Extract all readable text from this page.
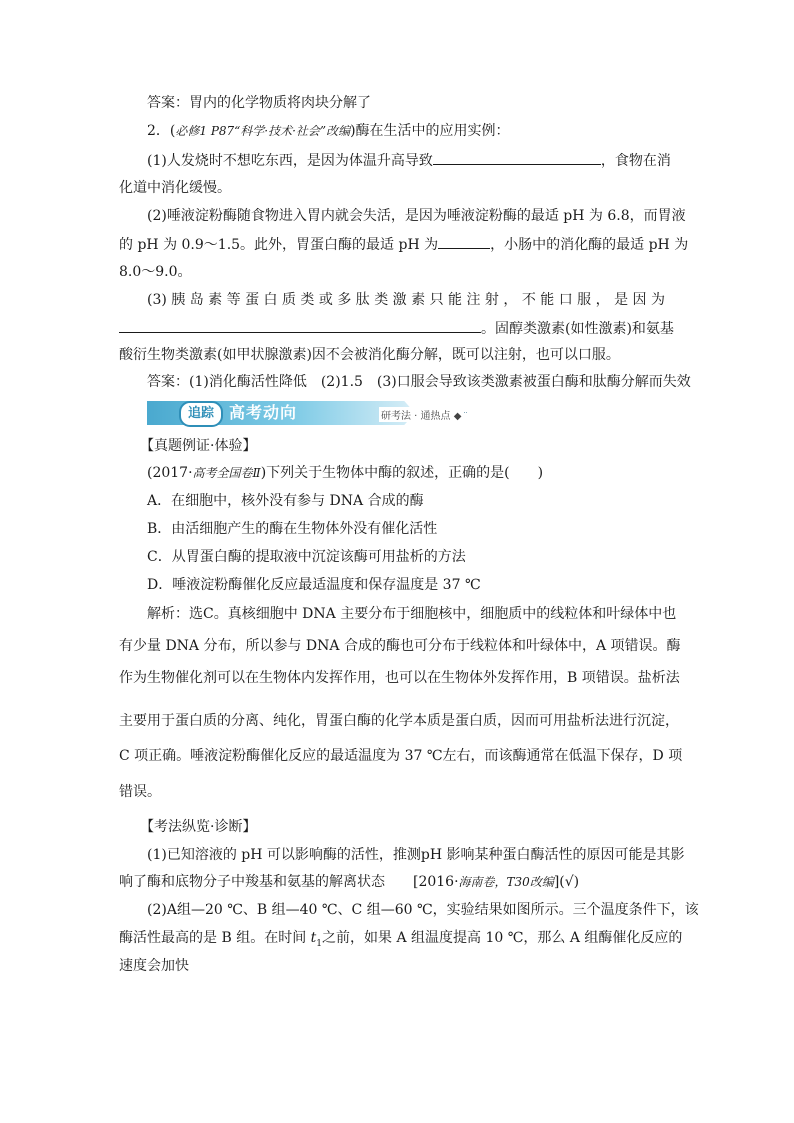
答案：胃内的化学物质将肉块分解了
2．(必修1 P87“科学·技术·社会”改编)酶在生活中的应用实例：
(1)人发烧时不想吃东西，是因为体温升高导致	，食物在消
化道中消化缓慢。
(2)唾液淀粉酶随食物进入胃内就会失活，是因为唾液淀粉酶的最适 pH 为 6.8，而胃液
的 pH 为 0.9～1.5。此外，胃蛋白酶的最适 pH 为	，小肠中的消化酶的最适 pH 为
8.0～9.0。
(3) 胰 岛 素 等 蛋 白 质 类 或 多 肽 类 激 素 只 能 注 射 ， 不 能 口 服 ， 是 因 为
。固醇类激素(如性激素)和氨基
酸衍生物类激素(如甲状腺激素)因不会被消化酶分解，既可以注射，也可以口服。
答案：(1)消化酶活性降低　(2)1.5　(3)口服会导致该类激素被蛋白酶和肽酶分解而失效
追踪 高考动向	研考法 · 通热点 ◆
【真题例证·体验】
(2017·高考全国卷Ⅱ)下列关于生物体中酶的叙述，正确的是(　　)
A．在细胞中，核外没有参与 DNA 合成的酶
B．由活细胞产生的酶在生物体外没有催化活性
C．从胃蛋白酶的提取液中沉淀该酶可用盐析的方法
D．唾液淀粉酶催化反应最适温度和保存温度是 37 ℃
解析：选C。真核细胞中 DNA 主要分布于细胞核中，细胞质中的线粒体和叶绿体中也
有少量 DNA 分布，所以参与 DNA 合成的酶也可分布于线粒体和叶绿体中，A 项错误。酶
作为生物催化剂可以在生物体内发挥作用，也可以在生物体外发挥作用，B 项错误。盐析法
主要用于蛋白质的分离、纯化，胃蛋白酶的化学本质是蛋白质，因而可用盐析法进行沉淀，
C 项正确。唾液淀粉酶催化反应的最适温度为 37 ℃左右，而该酶通常在低温下保存，D 项
错误。
【考法纵览·诊断】
(1)已知溶液的 pH 可以影响酶的活性，推测pH 影响某种蛋白酶活性的原因可能是其影
响了酶和底物分子中羧基和氨基的解离状态　　[2016·海南卷，T30改编](√)
(2)A组—20 ℃、B 组—40 ℃、C 组—60 ℃，实验结果如图所示。三个温度条件下，该
酶活性最高的是 B 组。在时间 $t_1$之前，如果 A 组温度提高 10 ℃，那么 A 组酶催化反应的
速度会加快
